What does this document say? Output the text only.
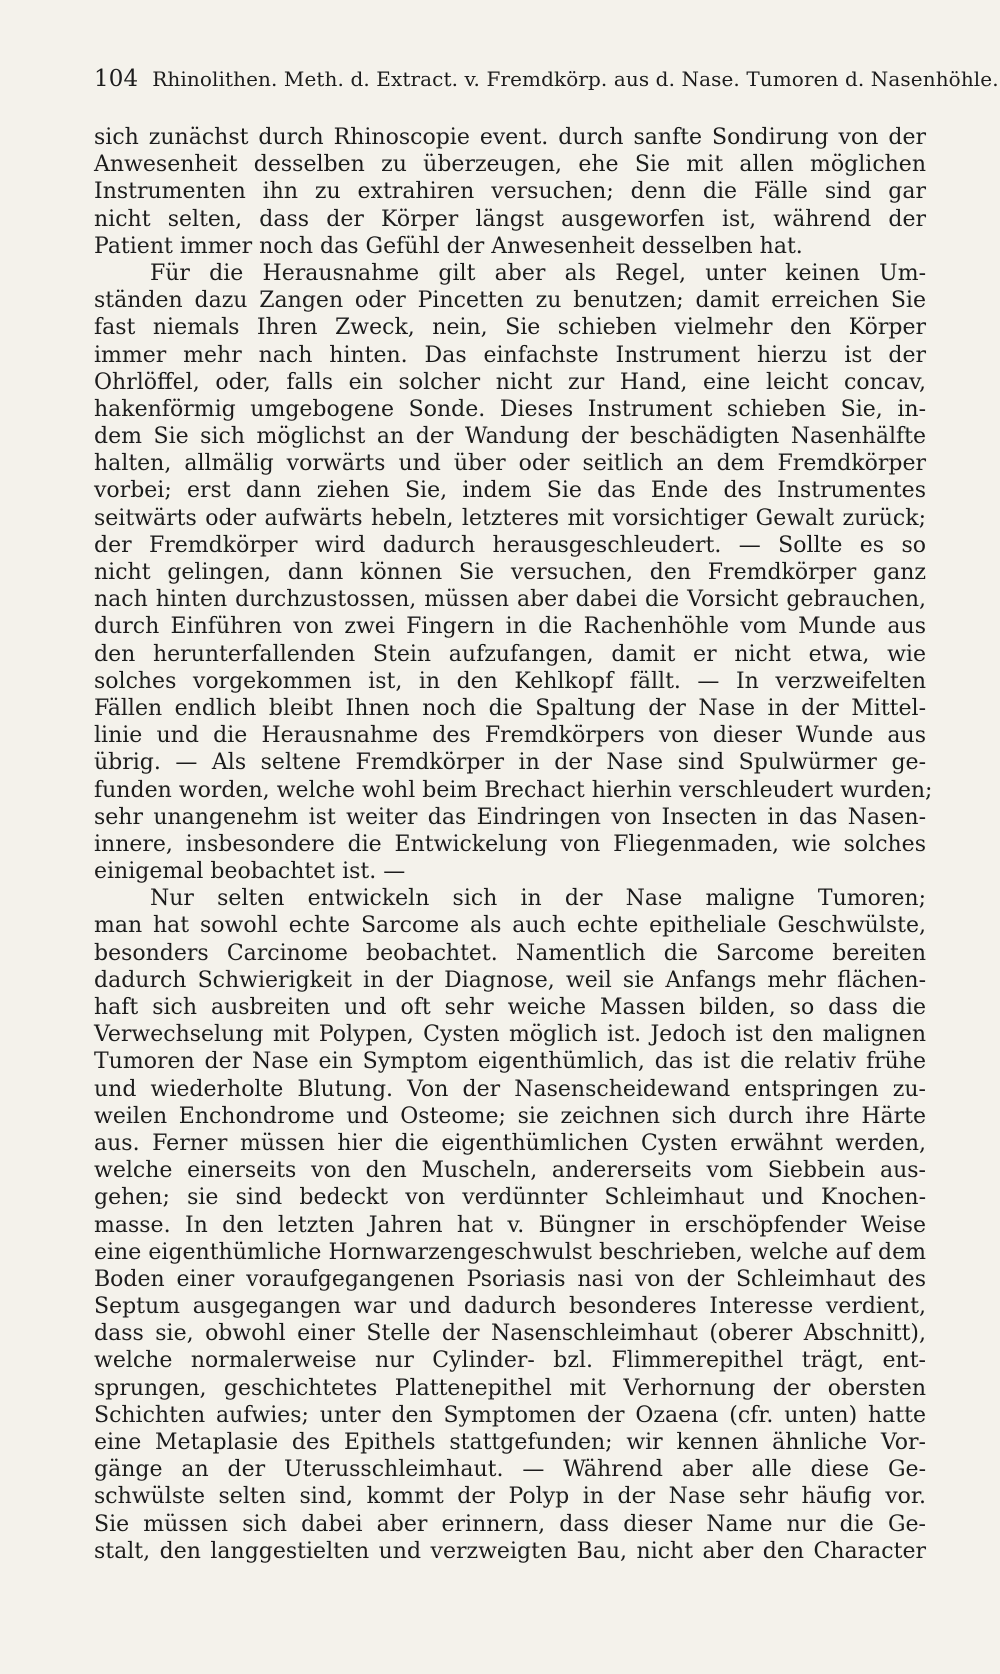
104 Rhinolithen. Meth. d. Extract. v. Fremdkörp. aus d. Nase. Tumoren d. Nasenhöhle.
sich zunächst durch Rhinoscopie event. durch sanfte Sondirung von der
Anwesenheit desselben zu überzeugen, ehe Sie mit allen möglichen
Instrumenten ihn zu extrahiren versuchen; denn die Fälle sind gar
nicht selten, dass der Körper längst ausgeworfen ist, während der
Patient immer noch das Gefühl der Anwesenheit desselben hat.
Für die Herausnahme gilt aber als Regel, unter keinen Um-
ständen dazu Zangen oder Pincetten zu benutzen; damit erreichen Sie
fast niemals Ihren Zweck, nein, Sie schieben vielmehr den Körper
immer mehr nach hinten. Das einfachste Instrument hierzu ist der
Ohrlöffel, oder, falls ein solcher nicht zur Hand, eine leicht concav,
hakenförmig umgebogene Sonde. Dieses Instrument schieben Sie, in-
dem Sie sich möglichst an der Wandung der beschädigten Nasenhälfte
halten, allmälig vorwärts und über oder seitlich an dem Fremdkörper
vorbei; erst dann ziehen Sie, indem Sie das Ende des Instrumentes
seitwärts oder aufwärts hebeln, letzteres mit vorsichtiger Gewalt zurück;
der Fremdkörper wird dadurch herausgeschleudert. — Sollte es so
nicht gelingen, dann können Sie versuchen, den Fremdkörper ganz
nach hinten durchzustossen, müssen aber dabei die Vorsicht gebrauchen,
durch Einführen von zwei Fingern in die Rachenhöhle vom Munde aus
den herunterfallenden Stein aufzufangen, damit er nicht etwa, wie
solches vorgekommen ist, in den Kehlkopf fällt. — In verzweifelten
Fällen endlich bleibt Ihnen noch die Spaltung der Nase in der Mittel-
linie und die Herausnahme des Fremdkörpers von dieser Wunde aus
übrig. — Als seltene Fremdkörper in der Nase sind Spulwürmer ge-
funden worden, welche wohl beim Brechact hierhin verschleudert wurden;
sehr unangenehm ist weiter das Eindringen von Insecten in das Nasen-
innere, insbesondere die Entwickelung von Fliegenmaden, wie solches
einigemal beobachtet ist. —
Nur selten entwickeln sich in der Nase maligne Tumoren;
man hat sowohl echte Sarcome als auch echte epitheliale Geschwülste,
besonders Carcinome beobachtet. Namentlich die Sarcome bereiten
dadurch Schwierigkeit in der Diagnose, weil sie Anfangs mehr flächen-
haft sich ausbreiten und oft sehr weiche Massen bilden, so dass die
Verwechselung mit Polypen, Cysten möglich ist. Jedoch ist den malignen
Tumoren der Nase ein Symptom eigenthümlich, das ist die relativ frühe
und wiederholte Blutung. Von der Nasenscheidewand entspringen zu-
weilen Enchondrome und Osteome; sie zeichnen sich durch ihre Härte
aus. Ferner müssen hier die eigenthümlichen Cysten erwähnt werden,
welche einerseits von den Muscheln, andererseits vom Siebbein aus-
gehen; sie sind bedeckt von verdünnter Schleimhaut und Knochen-
masse. In den letzten Jahren hat v. Büngner in erschöpfender Weise
eine eigenthümliche Hornwarzengeschwulst beschrieben, welche auf dem
Boden einer voraufgegangenen Psoriasis nasi von der Schleimhaut des
Septum ausgegangen war und dadurch besonderes Interesse verdient,
dass sie, obwohl einer Stelle der Nasenschleimhaut (oberer Abschnitt),
welche normalerweise nur Cylinder- bzl. Flimmerepithel trägt, ent-
sprungen, geschichtetes Plattenepithel mit Verhornung der obersten
Schichten aufwies; unter den Symptomen der Ozaena (cfr. unten) hatte
eine Metaplasie des Epithels stattgefunden; wir kennen ähnliche Vor-
gänge an der Uterusschleimhaut. — Während aber alle diese Ge-
schwülste selten sind, kommt der Polyp in der Nase sehr häufig vor.
Sie müssen sich dabei aber erinnern, dass dieser Name nur die Ge-
stalt, den langgestielten und verzweigten Bau, nicht aber den Character
